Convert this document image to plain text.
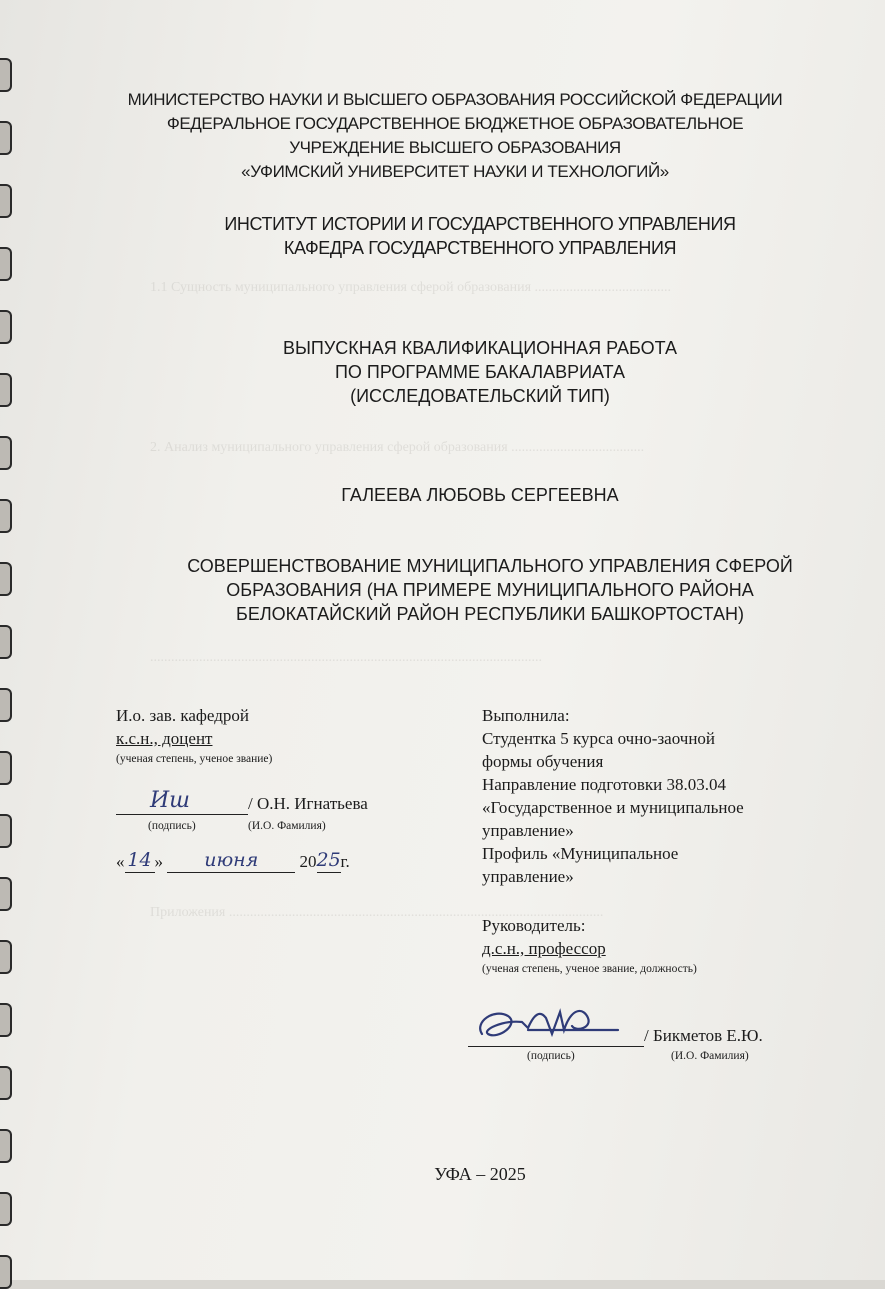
1.1 Сущность муниципального управления сферой образования .......................................
2. Анализ муниципального управления сферой образования ......................................
................................................................................................................
Приложения ...........................................................................................................
МИНИСТЕРСТВО НАУКИ И ВЫСШЕГО ОБРАЗОВАНИЯ РОССИЙСКОЙ ФЕДЕРАЦИИ
ФЕДЕРАЛЬНОЕ ГОСУДАРСТВЕННОЕ БЮДЖЕТНОЕ ОБРАЗОВАТЕЛЬНОЕ
УЧРЕЖДЕНИЕ ВЫСШЕГО ОБРАЗОВАНИЯ
«УФИМСКИЙ УНИВЕРСИТЕТ НАУКИ И ТЕХНОЛОГИЙ»
ИНСТИТУТ ИСТОРИИ И ГОСУДАРСТВЕННОГО УПРАВЛЕНИЯ
КАФЕДРА ГОСУДАРСТВЕННОГО УПРАВЛЕНИЯ
ВЫПУСКНАЯ КВАЛИФИКАЦИОННАЯ РАБОТА
ПО ПРОГРАММЕ БАКАЛАВРИАТА
(ИССЛЕДОВАТЕЛЬСКИЙ ТИП)
ГАЛЕЕВА ЛЮБОВЬ СЕРГЕЕВНА
СОВЕРШЕНСТВОВАНИЕ МУНИЦИПАЛЬНОГО УПРАВЛЕНИЯ СФЕРОЙ
ОБРАЗОВАНИЯ (НА ПРИМЕРЕ МУНИЦИПАЛЬНОГО РАЙОНА
БЕЛОКАТАЙСКИЙ РАЙОН РЕСПУБЛИКИ БАШКОРТОСТАН)
И.о. зав. кафедрой
к.с.н., доцент
(ученая степень, ученое звание)
Иш	/ О.Н. Игнатьева
(подпись)	(И.О. Фамилия)
« 14 » июня 2025г.
Выполнила:
Студентка 5 курса очно-заочной
формы обучения
Направление подготовки 38.03.04
«Государственное и муниципальное
управление»
Профиль «Муниципальное
управление»
Руководитель:
д.с.н., профессор
(ученая степень, ученое звание, должность)
/ Бикметов Е.Ю.
(подпись)	(И.О. Фамилия)
УФА – 2025
